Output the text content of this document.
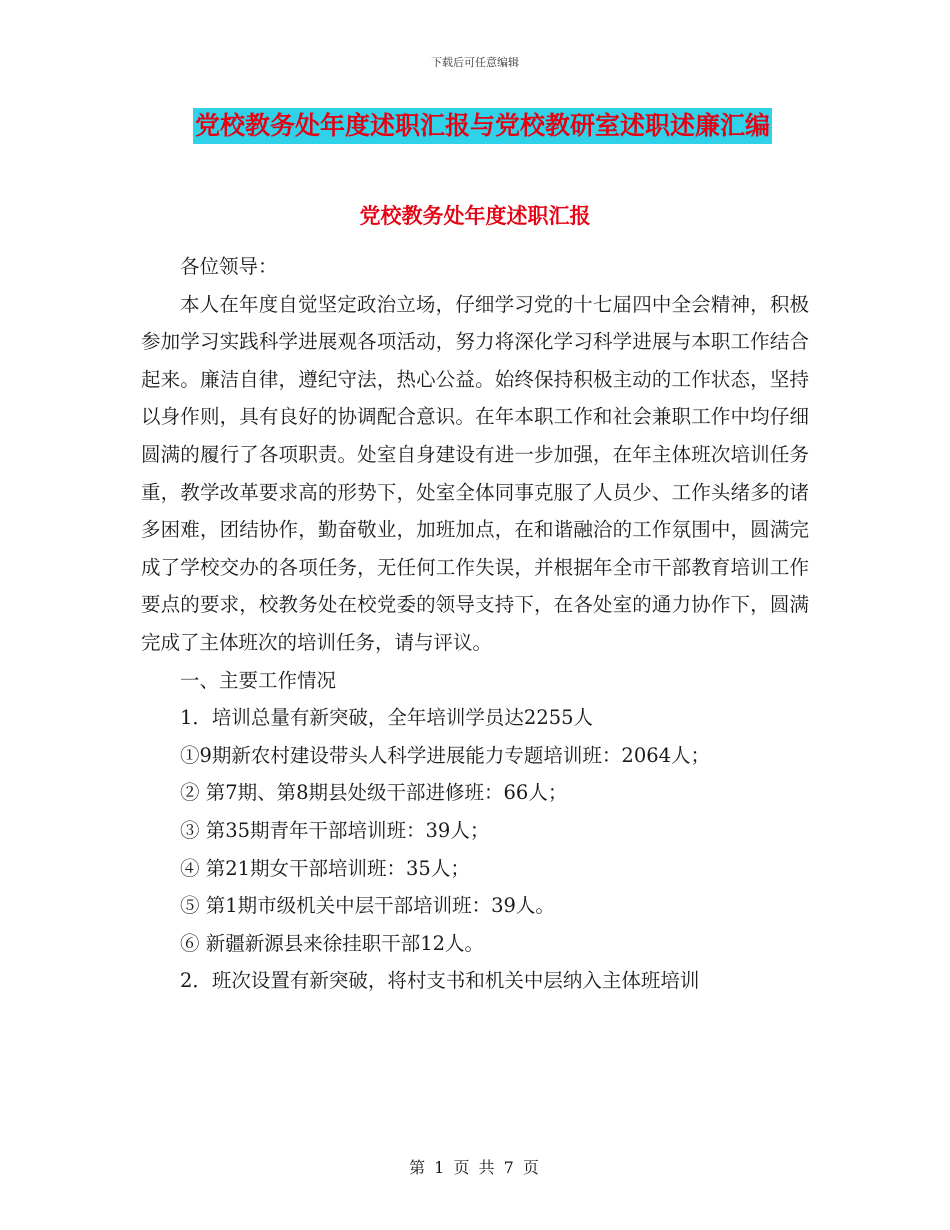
下载后可任意编辑
党校教务处年度述职汇报与党校教研室述职述廉汇编
党校教务处年度述职汇报

各位领导：

本人在年度自觉坚定政治立场，仔细学习党的十七届四中全会精神，积极参加学习实践科学进展观各项活动，努力将深化学习科学进展与本职工作结合起来。廉洁自律，遵纪守法，热心公益。始终保持积极主动的工作状态，坚持以身作则，具有良好的协调配合意识。在年本职工作和社会兼职工作中均仔细圆满的履行了各项职责。处室自身建设有进一步加强，在年主体班次培训任务重，教学改革要求高的形势下，处室全体同事克服了人员少、工作头绪多的诸多困难，团结协作，勤奋敬业，加班加点，在和谐融洽的工作氛围中，圆满完成了学校交办的各项任务，无任何工作失误，并根据年全市干部教育培训工作要点的要求，校教务处在校党委的领导支持下，在各处室的通力协作下，圆满完成了主体班次的培训任务，请与评议。

一、主要工作情况

1．培训总量有新突破，全年培训学员达2255人

①9期新农村建设带头人科学进展能力专题培训班：2064人；

② 第7期、第8期县处级干部进修班：66人；

③ 第35期青年干部培训班：39人；

④ 第21期女干部培训班：35人；

⑤ 第1期市级机关中层干部培训班：39人。

⑥ 新疆新源县来徐挂职干部12人。

2．班次设置有新突破，将村支书和机关中层纳入主体班培训

第 1 页 共 7 页
